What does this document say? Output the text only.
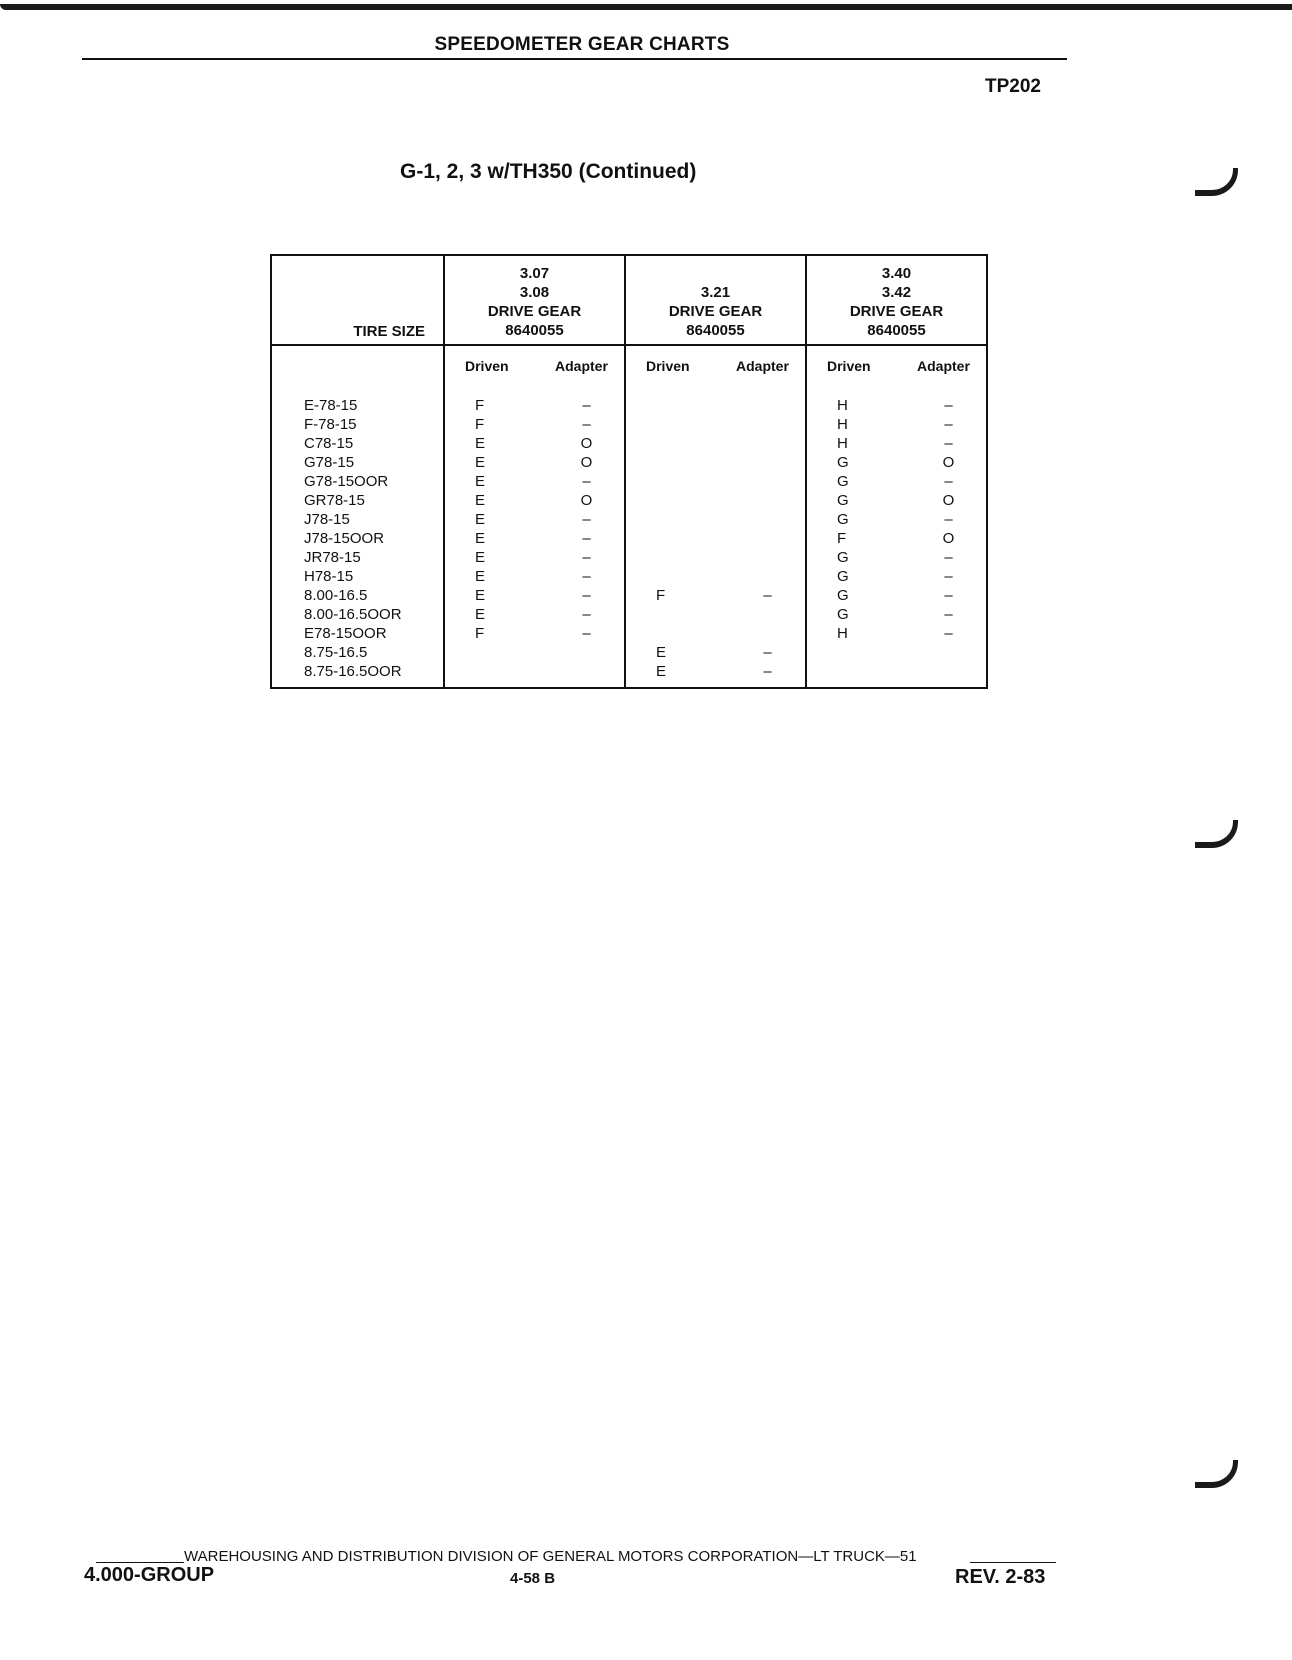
SPEEDOMETER GEAR CHARTS
TP202
G-1, 2, 3 w/TH350 (Continued)
TIRE SIZE	3.07
3.08
DRIVE GEAR
8640055		3.21
DRIVE GEAR
8640055		3.40
3.42
DRIVE GEAR
8640055	

	Driven	Adapter	Driven	Adapter	Driven	Adapter

E-78-15	F	–			H	–
F-78-15	F	–			H	–
C78-15	E	O			H	–
G78-15	E	O			G	O
G78-15OOR	E	–			G	–
GR78-15	E	O			G	O
J78-15	E	–			G	–
J78-15OOR	E	–			F	O
JR78-15	E	–			G	–
H78-15	E	–			G	–
8.00-16.5	E	–	F	–	G	–
8.00-16.5OOR	E	–			G	–
E78-15OOR	F	–			H	–
8.75-16.5			E	–		
8.75-16.5OOR			E	–		
WAREHOUSING AND DISTRIBUTION DIVISION OF GENERAL MOTORS CORPORATION—LT TRUCK—51
4.000-GROUP	4-58 B	REV. 2-83
